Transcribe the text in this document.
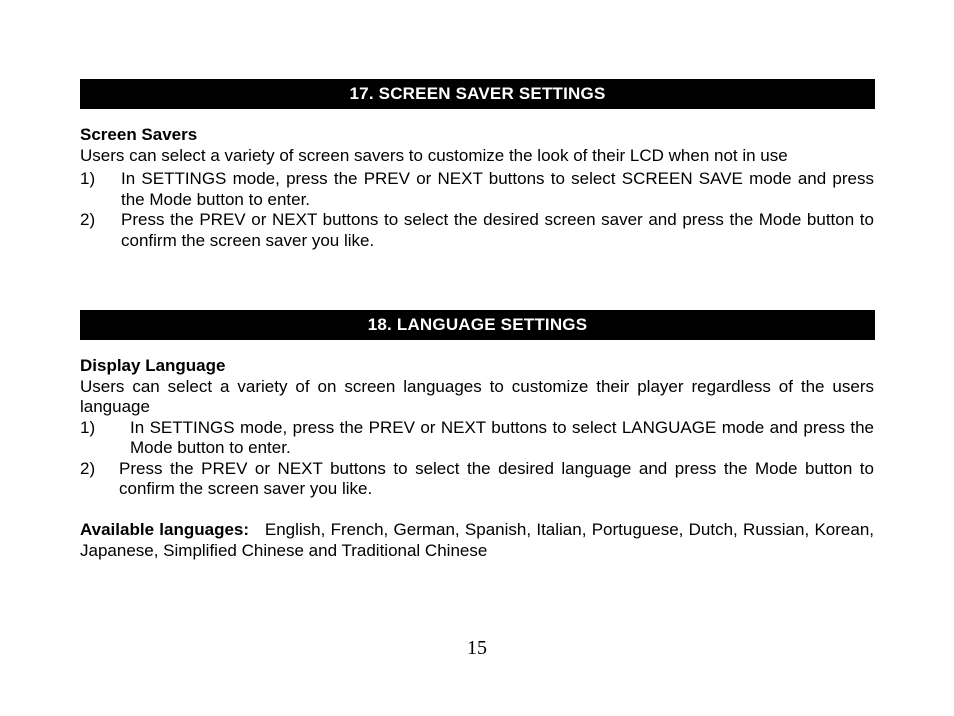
17. SCREEN SAVER SETTINGS
Screen Savers
Users can select a variety of screen savers to customize the look of their LCD when not in use
1)	In SETTINGS mode, press the PREV or NEXT buttons to select SCREEN SAVE mode and press the Mode button to enter.
2)	Press the PREV or NEXT buttons to select the desired screen saver and press the Mode button to confirm the screen saver you like.
18. LANGUAGE SETTINGS
Display Language
Users can select a variety of on screen languages to customize their player regardless of the users language
1)	In SETTINGS mode, press the PREV or NEXT buttons to select LANGUAGE mode and press the Mode button to enter.
2)	Press the PREV or NEXT buttons to select the desired language and press the Mode button to confirm the screen saver you like.
Available languages: English, French, German, Spanish, Italian, Portuguese, Dutch, Russian, Korean, Japanese, Simplified Chinese and Traditional Chinese
15
